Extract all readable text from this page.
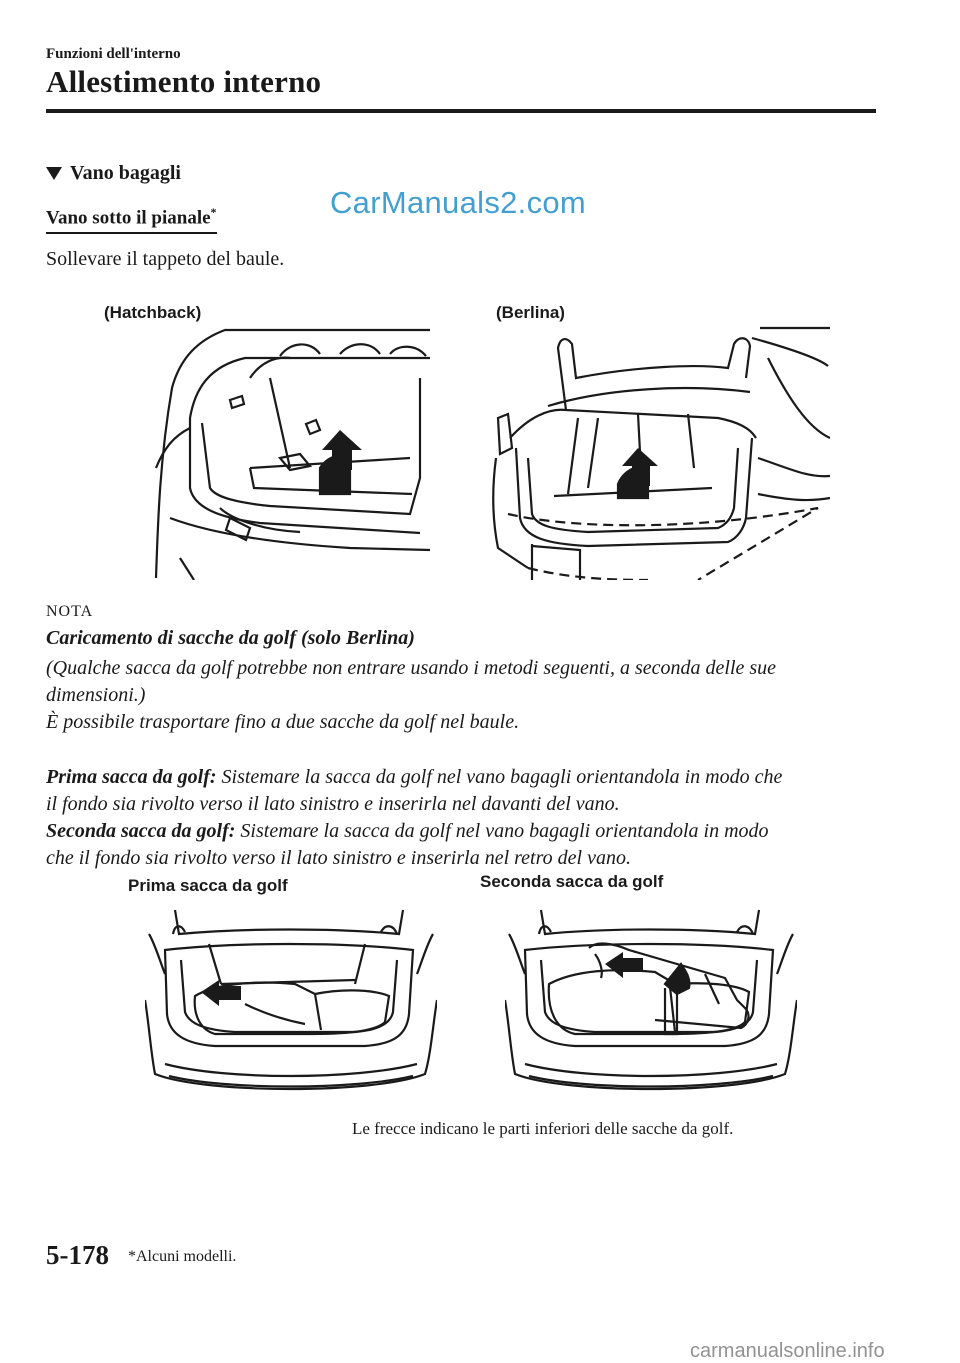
Funzioni dell'interno
Allestimento interno
Vano bagagli
CarManuals2.com
Vano sotto il pianale*
Sollevare il tappeto del baule.
(Hatchback)	(Berlina)
NOTA
Caricamento di sacche da golf (solo Berlina)
(Qualche sacca da golf potrebbe non entrare usando i metodi seguenti, a seconda delle sue
dimensioni.)
È possibile trasportare fino a due sacche da golf nel baule.
Prima sacca da golf: Sistemare la sacca da golf nel vano bagagli orientandola in modo che
il fondo sia rivolto verso il lato sinistro e inserirla nel davanti del vano.
Seconda sacca da golf: Sistemare la sacca da golf nel vano bagagli orientandola in modo
che il fondo sia rivolto verso il lato sinistro e inserirla nel retro del vano.
Prima sacca da golf	Seconda sacca da golf
Le frecce indicano le parti inferiori delle sacche da golf.
5-178 *Alcuni modelli.
carmanualsonline.info
